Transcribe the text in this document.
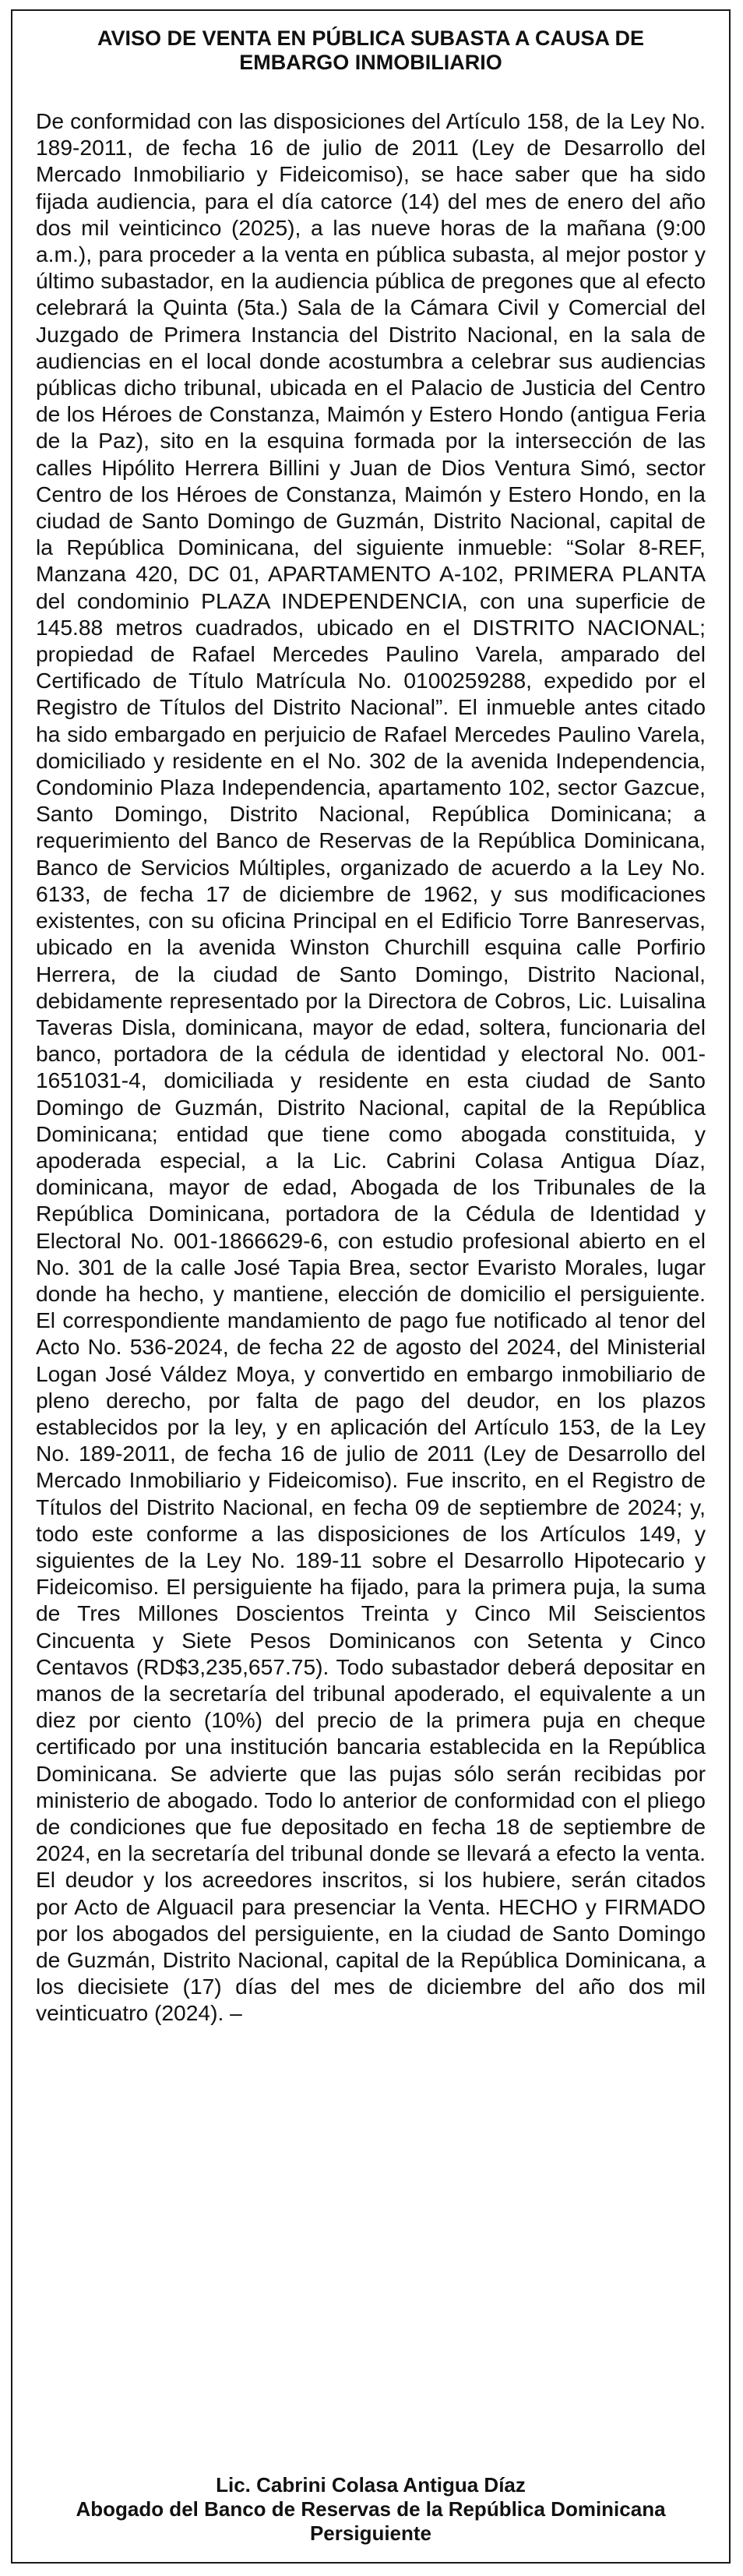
AVISO DE VENTA EN PÚBLICA SUBASTA A CAUSA DE EMBARGO INMOBILIARIO

De conformidad con las disposiciones del Artículo 158, de la Ley No. 189-2011, de fecha 16 de julio de 2011 (Ley de Desarrollo del Mercado Inmobiliario y Fideicomiso), se hace saber que ha sido fijada audiencia, para el día catorce (14) del mes de enero del año dos mil veinticinco (2025), a las nueve horas de la mañana (9:00 a.m.), para proceder a la venta en pública subasta, al mejor postor y último subastador, en la audiencia pública de pregones que al efecto celebrará la Quinta (5ta.) Sala de la Cámara Civil y Comercial del Juzgado de Primera Instancia del Distrito Nacional, en la sala de audiencias en el local donde acostumbra a celebrar sus audiencias públicas dicho tribunal, ubicada en el Palacio de Justicia del Centro de los Héroes de Constanza, Maimón y Estero Hondo (antigua Feria de la Paz), sito en la esquina formada por la intersección de las calles Hipólito Herrera Billini y Juan de Dios Ventura Simó, sector Centro de los Héroes de Constanza, Maimón y Estero Hondo, en la ciudad de Santo Domingo de Guzmán, Distrito Nacional, capital de la República Dominicana, del siguiente inmueble: “Solar 8-REF, Manzana 420, DC 01, APARTAMENTO A-102, PRIMERA PLANTA del condominio PLAZA INDEPENDENCIA, con una superficie de 145.88 metros cuadrados, ubicado en el DISTRITO NACIONAL; propiedad de Rafael Mercedes Paulino Varela, amparado del Certificado de Título Matrícula No. 0100259288, expedido por el Registro de Títulos del Distrito Nacional”. El inmueble antes citado ha sido embargado en perjuicio de Rafael Mercedes Paulino Varela, domiciliado y residente en el No. 302 de la avenida Independencia, Condominio Plaza Independencia, apartamento 102, sector Gazcue, Santo Domingo, Distrito Nacional, República Dominicana; a requerimiento del Banco de Reservas de la República Dominicana, Banco de Servicios Múltiples, organizado de acuerdo a la Ley No. 6133, de fecha 17 de diciembre de 1962, y sus modificaciones existentes, con su oficina Principal en el Edificio Torre Banreservas, ubicado en la avenida Winston Churchill esquina calle Porfirio Herrera, de la ciudad de Santo Domingo, Distrito Nacional, debidamente representado por la Directora de Cobros, Lic. Luisalina Taveras Disla, dominicana, mayor de edad, soltera, funcionaria del banco, portadora de la cédula de identidad y electoral No. 001-1651031-4, domiciliada y residente en esta ciudad de Santo Domingo de Guzmán, Distrito Nacional, capital de la República Dominicana; entidad que tiene como abogada constituida, y apoderada especial, a la Lic. Cabrini Colasa Antigua Díaz, dominicana, mayor de edad, Abogada de los Tribunales de la República Dominicana, portadora de la Cédula de Identidad y Electoral No. 001-1866629-6, con estudio profesional abierto en el No. 301 de la calle José Tapia Brea, sector Evaristo Morales, lugar donde ha hecho, y mantiene, elección de domicilio el persiguiente. El correspondiente mandamiento de pago fue notificado al tenor del Acto No. 536-2024, de fecha 22 de agosto del 2024, del Ministerial Logan José Váldez Moya, y convertido en embargo inmobiliario de pleno derecho, por falta de pago del deudor, en los plazos establecidos por la ley, y en aplicación del Artículo 153, de la Ley No. 189-2011, de fecha 16 de julio de 2011 (Ley de Desarrollo del Mercado Inmobiliario y Fideicomiso). Fue inscrito, en el Registro de Títulos del Distrito Nacional, en fecha 09 de septiembre de 2024; y, todo este conforme a las disposiciones de los Artículos 149, y siguientes de la Ley No. 189-11 sobre el Desarrollo Hipotecario y Fideicomiso. El persiguiente ha fijado, para la primera puja, la suma de Tres Millones Doscientos Treinta y Cinco Mil Seiscientos Cincuenta y Siete Pesos Dominicanos con Setenta y Cinco Centavos (RD$3,235,657.75). Todo subastador deberá depositar en manos de la secretaría del tribunal apoderado, el equivalente a un diez por ciento (10%) del precio de la primera puja en cheque certificado por una institución bancaria establecida en la República Dominicana. Se advierte que las pujas sólo serán recibidas por ministerio de abogado. Todo lo anterior de conformidad con el pliego de condiciones que fue depositado en fecha 18 de septiembre de 2024, en la secretaría del tribunal donde se llevará a efecto la venta. El deudor y los acreedores inscritos, si los hubiere, serán citados por Acto de Alguacil para presenciar la Venta. HECHO y FIRMADO por los abogados del persiguiente, en la ciudad de Santo Domingo de Guzmán, Distrito Nacional, capital de la República Dominicana, a los diecisiete (17) días del mes de diciembre del año dos mil veinticuatro (2024). –

Lic. Cabrini Colasa Antigua Díaz
Abogado del Banco de Reservas de la República Dominicana
Persiguiente
